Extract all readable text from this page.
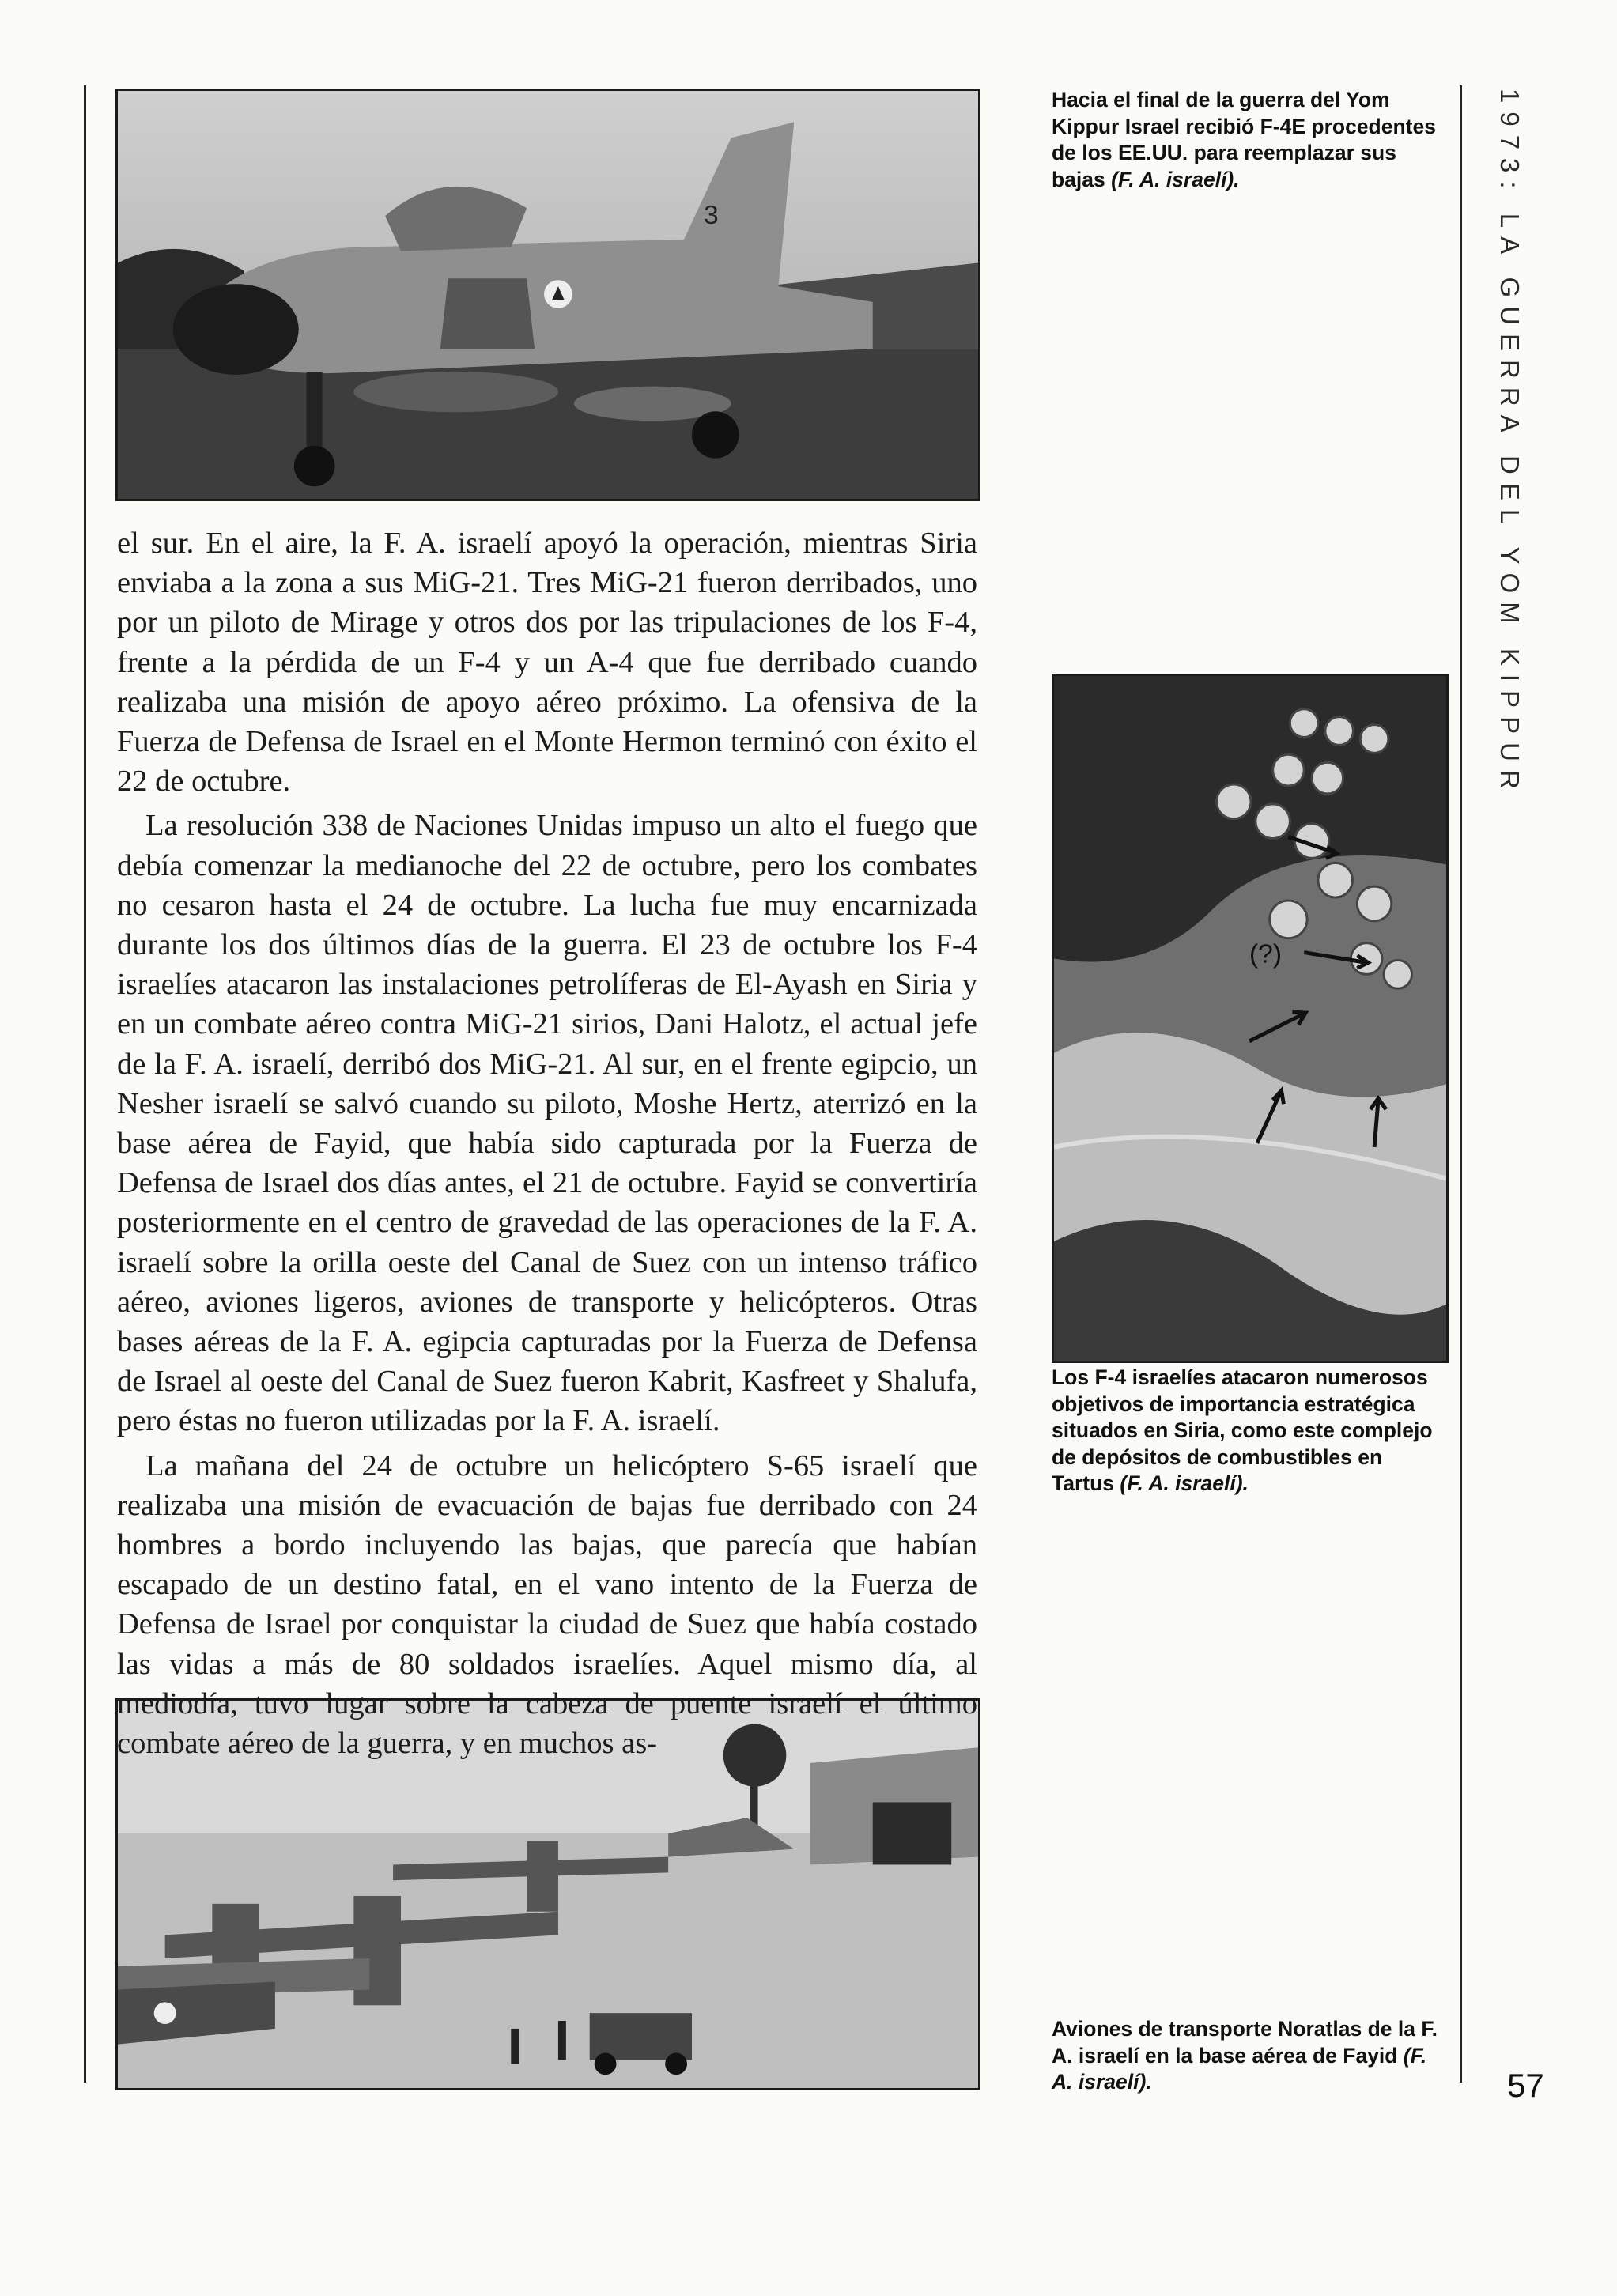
3
(?)

el sur. En el aire, la F. A. israelí apoyó la operación, mientras Siria enviaba a la zona a sus MiG-21. Tres MiG-21 fueron derribados, uno por un piloto de Mirage y otros dos por las tripulaciones de los F-4, frente a la pérdida de un F-4 y un A-4 que fue derribado cuando realizaba una misión de apoyo aéreo próximo. La ofensiva de la Fuerza de Defensa de Israel en el Monte Hermon terminó con éxito el 22 de octubre.

La resolución 338 de Naciones Unidas impuso un alto el fuego que debía comenzar la medianoche del 22 de octubre, pero los combates no cesaron hasta el 24 de octubre. La lucha fue muy encarnizada durante los dos últimos días de la guerra. El 23 de octubre los F-4 israelíes atacaron las instalaciones petrolíferas de El-Ayash en Siria y en un combate aéreo contra MiG-21 sirios, Dani Halotz, el actual jefe de la F. A. israelí, derribó dos MiG-21. Al sur, en el frente egipcio, un Nesher israelí se salvó cuando su piloto, Moshe Hertz, aterrizó en la base aérea de Fayid, que había sido capturada por la Fuerza de Defensa de Israel dos días antes, el 21 de octubre. Fayid se convertiría posteriormente en el centro de gravedad de las operaciones de la F. A. israelí sobre la orilla oeste del Canal de Suez con un intenso tráfico aéreo, aviones ligeros, aviones de transporte y helicópteros. Otras bases aéreas de la F. A. egipcia capturadas por la Fuerza de Defensa de Israel al oeste del Canal de Suez fueron Kabrit, Kasfreet y Shalufa, pero éstas no fueron utilizadas por la F. A. israelí.

La mañana del 24 de octubre un helicóptero S-65 israelí que realizaba una misión de evacuación de bajas fue derribado con 24 hombres a bordo incluyendo las bajas, que parecía que habían escapado de un destino fatal, en el vano intento de la Fuerza de Defensa de Israel por conquistar la ciudad de Suez que había costado las vidas a más de 80 soldados israelíes. Aquel mismo día, al mediodía, tuvo lugar sobre la cabeza de puente israelí el último combate aéreo de la guerra, y en muchos as-

Hacia el final de la guerra del Yom Kippur Israel recibió F-4E procedentes de los EE.UU. para reemplazar sus bajas (F. A. israelí).
Los F-4 israelíes atacaron numerosos objetivos de importancia estratégica situados en Siria, como este complejo de depósitos de combustibles en Tartus (F. A. israelí).
Aviones de transporte Noratlas de la F. A. israelí en la base aérea de Fayid (F. A. israelí).
1973: LA GUERRA DEL YOM KIPPUR
57
